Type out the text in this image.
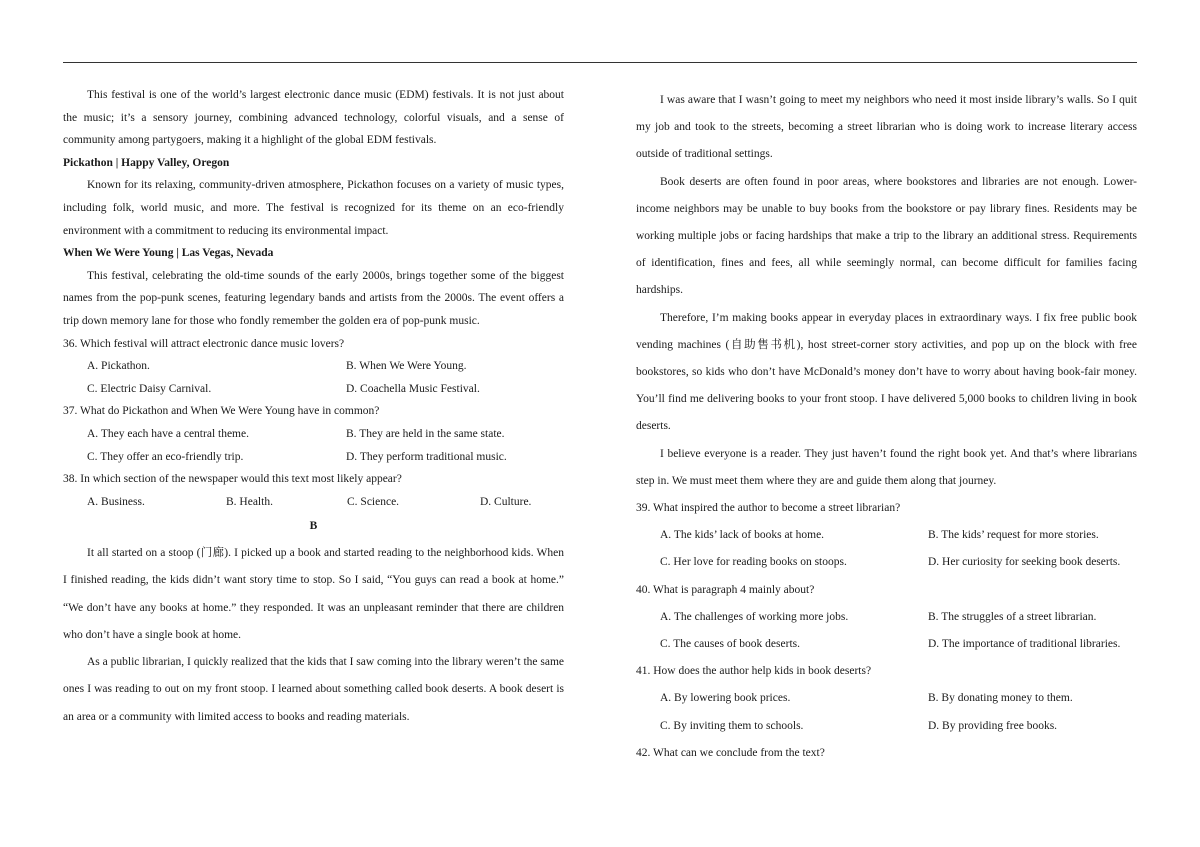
This festival is one of the world’s largest electronic dance music (EDM) festivals. It is not just about the music; it’s a sensory journey, combining advanced technology, colorful visuals, and a sense of community among partygoers, making it a highlight of the global EDM festivals.

Pickathon | Happy Valley, Oregon

Known for its relaxing, community-driven atmosphere, Pickathon focuses on a variety of music types, including folk, world music, and more. The festival is recognized for its theme on an eco-friendly environment with a commitment to reducing its environmental impact.

When We Were Young | Las Vegas, Nevada

This festival, celebrating the old-time sounds of the early 2000s, brings together some of the biggest names from the pop-punk scenes, featuring legendary bands and artists from the 2000s. The event offers a trip down memory lane for those who fondly remember the golden era of pop-punk music.

36. Which festival will attract electronic dance music lovers?
A. Pickathon.	B. When We Were Young.
C. Electric Daisy Carnival.	D. Coachella Music Festival.
37. What do Pickathon and When We Were Young have in common?
A. They each have a central theme.	B. They are held in the same state.
C. They offer an eco-friendly trip.	D. They perform traditional music.
38. In which section of the newspaper would this text most likely appear?
A. Business.	B. Health.	C. Science.	D. Culture.
B

It all started on a stoop (门廊). I picked up a book and started reading to the neighborhood kids. When I finished reading, the kids didn’t want story time to stop. So I said, “You guys can read a book at home.” “We don’t have any books at home.” they responded. It was an unpleasant reminder that there are children who don’t have a single book at home.

As a public librarian, I quickly realized that the kids that I saw coming into the library weren’t the same ones I was reading to out on my front stoop. I learned about something called book deserts. A book desert is an area or a community with limited access to books and reading materials.

I was aware that I wasn’t going to meet my neighbors who need it most inside library’s walls. So I quit my job and took to the streets, becoming a street librarian who is doing work to increase literary access outside of traditional settings.

Book deserts are often found in poor areas, where bookstores and libraries are not enough. Lower-income neighbors may be unable to buy books from the bookstore or pay library fines. Residents may be working multiple jobs or facing hardships that make a trip to the library an additional stress. Requirements of identification, fines and fees, all while seemingly normal, can become difficult for families facing hardships.

Therefore, I’m making books appear in everyday places in extraordinary ways. I fix free public book vending machines (自助售书机), host street-corner story activities, and pop up on the block with free bookstores, so kids who don’t have McDonald’s money don’t have to worry about having book-fair money. You’ll find me delivering books to your front stoop. I have delivered 5,000 books to children living in book deserts.

I believe everyone is a reader. They just haven’t found the right book yet. And that’s where librarians step in. We must meet them where they are and guide them along that journey.

39. What inspired the author to become a street librarian?
A. The kids’ lack of books at home.	B. The kids’ request for more stories.
C. Her love for reading books on stoops.	D. Her curiosity for seeking book deserts.
40. What is paragraph 4 mainly about?
A. The challenges of working more jobs.	B. The struggles of a street librarian.
C. The causes of book deserts.	D. The importance of traditional libraries.
41. How does the author help kids in book deserts?
A. By lowering book prices.	B. By donating money to them.
C. By inviting them to schools.	D. By providing free books.
42. What can we conclude from the text?
